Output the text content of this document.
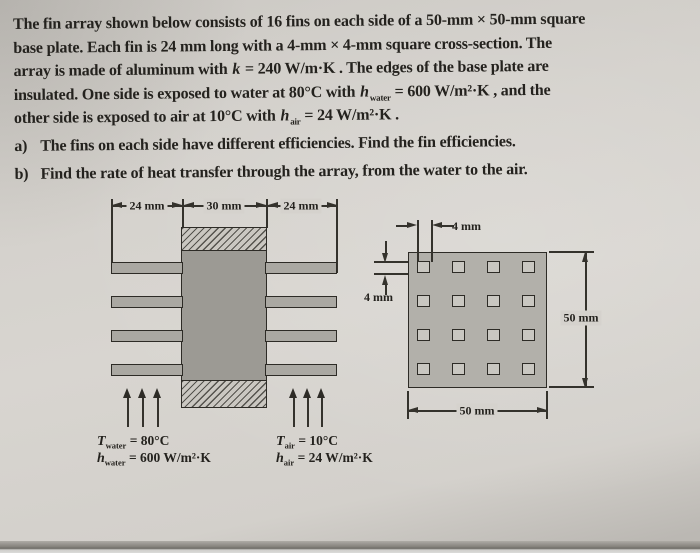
The fin array shown below consists of 16 fins on each side of a 50-mm × 50-mm square
base plate. Each fin is 24 mm long with a 4-mm × 4-mm square cross-section. The
array is made of aluminum with k = 240 W/m·K . The edges of the base plate are
insulated. One side is exposed to water at 80°C with $h_{water} = 600$ W/m²·K , and the
other side is exposed to air at 10°C with $h_{air} = 24$ W/m²·K .
a) The fins on each side have different efficiencies. Find the fin efficiencies.
b) Find the rate of heat transfer through the array, from the water to the air.
24 mm	30 mm	24 mm
$T_{water} = 80^\circ C$
$h_{water} = 600$ W/m²·K
$T_{air} = 10^\circ C$
$h_{air} = 24$ W/m²·K
4 mm
4 mm
50 mm
50 mm
